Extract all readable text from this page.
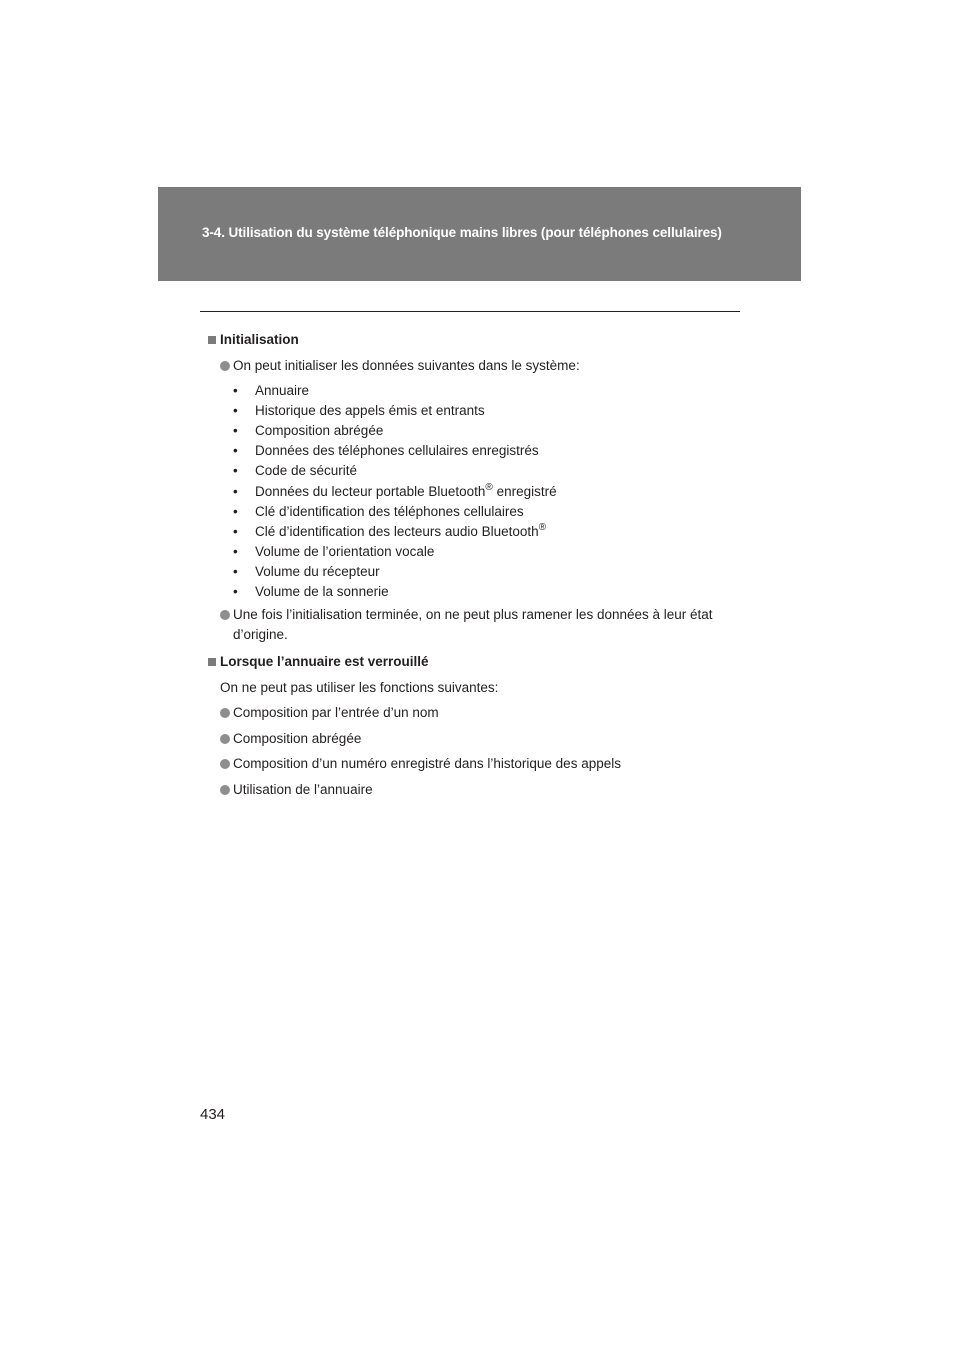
3-4. Utilisation du système téléphonique mains libres (pour téléphones cellulaires)
Initialisation
On peut initialiser les données suivantes dans le système:
• Annuaire
• Historique des appels émis et entrants
• Composition abrégée
• Données des téléphones cellulaires enregistrés
• Code de sécurité
• Données du lecteur portable Bluetooth® enregistré
• Clé d’identification des téléphones cellulaires
• Clé d’identification des lecteurs audio Bluetooth®
• Volume de l’orientation vocale
• Volume du récepteur
• Volume de la sonnerie
Une fois l’initialisation terminée, on ne peut plus ramener les données à leur état
d’origine.
Lorsque l’annuaire est verrouillé
On ne peut pas utiliser les fonctions suivantes:
Composition par l’entrée d’un nom
Composition abrégée
Composition d’un numéro enregistré dans l’historique des appels
Utilisation de l’annuaire
434
